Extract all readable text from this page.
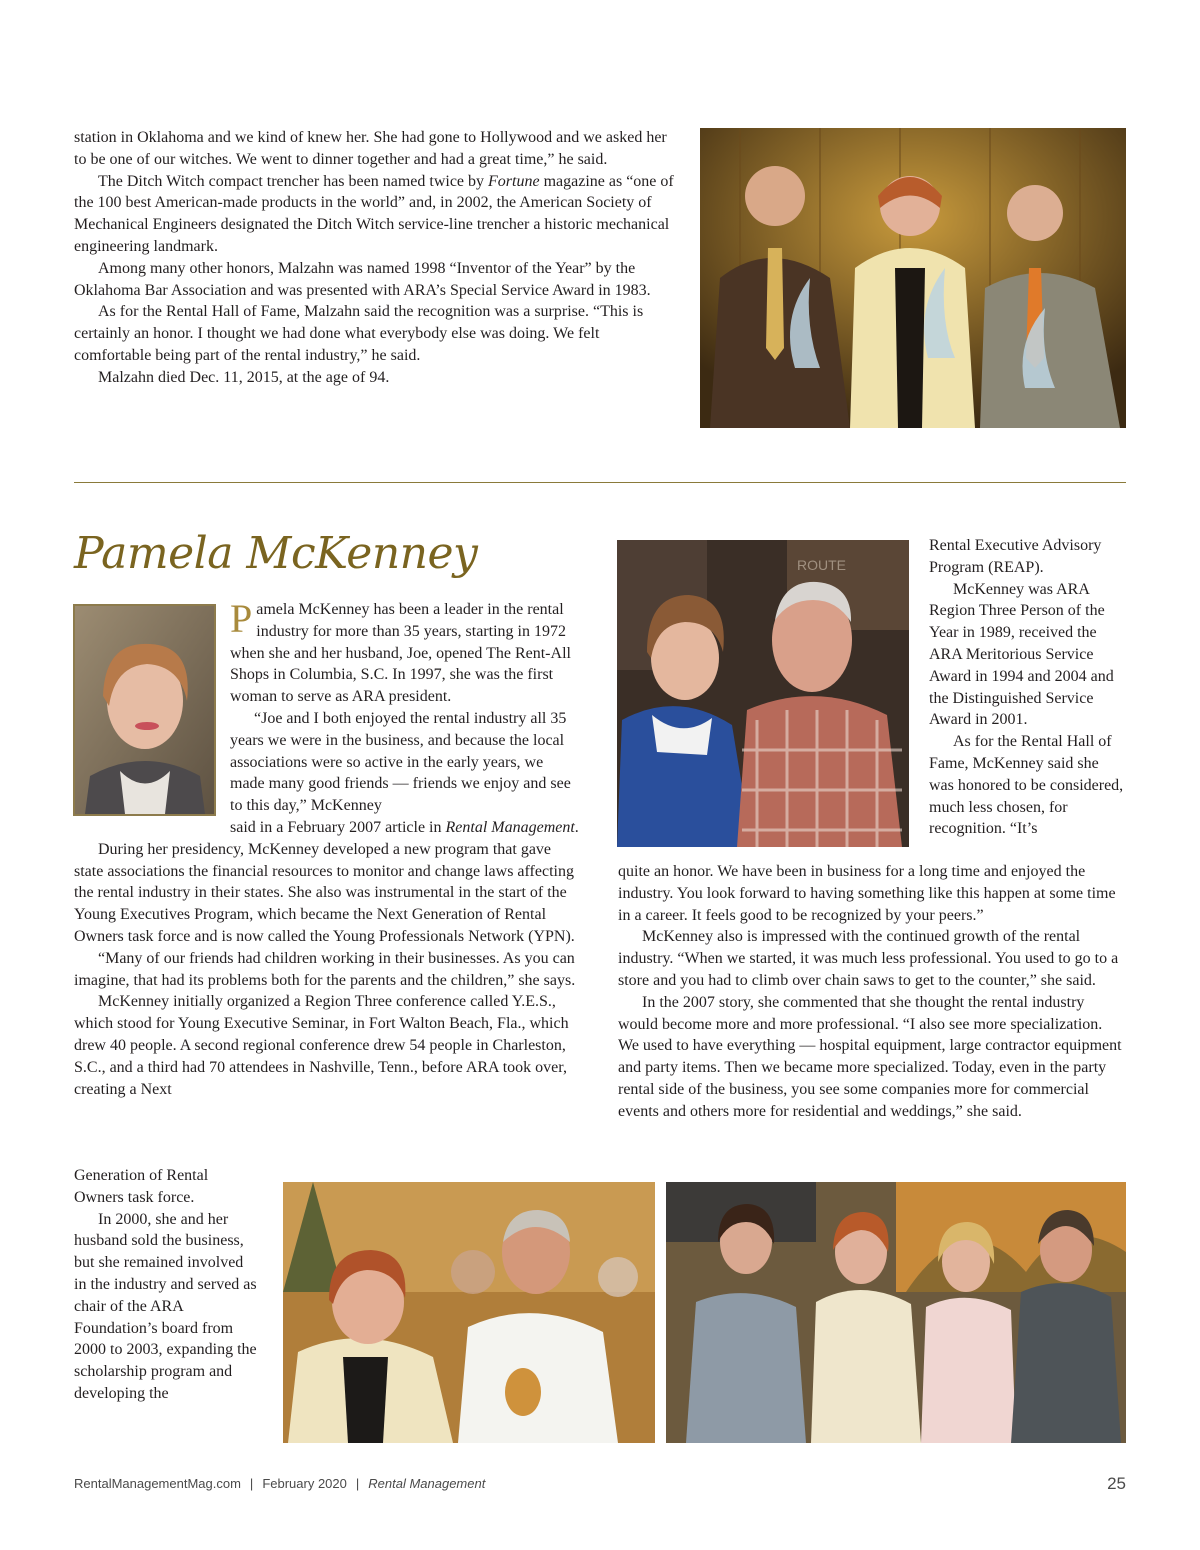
station in Oklahoma and we kind of knew her. She had gone to Hollywood and we asked her to be one of our witches. We went to dinner together and had a great time,” he said.

The Ditch Witch compact trencher has been named twice by Fortune magazine as “one of the 100 best American-made products in the world” and, in 2002, the American Society of Mechanical Engineers designated the Ditch Witch service-line trencher a historic mechanical engineering landmark.

Among many other honors, Malzahn was named 1998 “Inventor of the Year” by the Oklahoma Bar Association and was presented with ARA’s Special Service Award in 1983.

As for the Rental Hall of Fame, Malzahn said the recognition was a surprise. “This is certainly an honor. I thought we had done what everybody else was doing. We felt comfortable being part of the rental industry,” he said.

Malzahn died Dec. 11, 2015, at the age of 94.

Pamela McKenney

Pamela McKenney has been a leader in the rental industry for more than 35 years, starting in 1972 when she and her husband, Joe, opened The Rent-All Shops in Columbia, S.C. In 1997, she was the first woman to serve as ARA president.

“Joe and I both enjoyed the rental industry all 35 years we were in the business, and because the local associations were so active in the early years, we made many good friends — friends we enjoy and see to this day,” McKenney

said in a February 2007 article in Rental Management.

During her presidency, McKenney developed a new program that gave state associations the financial resources to monitor and change laws affecting the rental industry in their states. She also was instrumental in the start of the Young Executives Program, which became the Next Generation of Rental Owners task force and is now called the Young Professionals Network (YPN).

“Many of our friends had children working in their businesses. As you can imagine, that had its problems both for the parents and the children,” she says.

McKenney initially organized a Region Three conference called Y.E.S., which stood for Young Executive Seminar, in Fort Walton Beach, Fla., which drew 40 people. A second regional conference drew 54 people in Charleston, S.C., and a third had 70 attendees in Nashville, Tenn., before ARA took over, creating a Next

Generation of Rental Owners task force.

In 2000, she and her husband sold the business, but she remained involved in the industry and served as chair of the ARA Foundation’s board from 2000 to 2003, expanding the scholarship program and developing the

ROUTE

Rental Executive Advisory Program (REAP).

McKenney was ARA Region Three Person of the Year in 1989, received the ARA Meritorious Service Award in 1994 and 2004 and the Distinguished Service Award in 2001.

As for the Rental Hall of Fame, McKenney said she was honored to be considered, much less chosen, for recognition. “It’s

quite an honor. We have been in business for a long time and enjoyed the industry. You look forward to having something like this happen at some time in a career. It feels good to be recognized by your peers.”

McKenney also is impressed with the continued growth of the rental industry. “When we started, it was much less professional. You used to go to a store and you had to climb over chain saws to get to the counter,” she said.

In the 2007 story, she commented that she thought the rental industry would become more and more professional. “I also see more specialization. We used to have everything — hospital equipment, large contractor equipment and party items. Then we became more specialized. Today, even in the party rental side of the business, you see some companies more for commercial events and others more for residential and weddings,” she said.

RentalManagementMag.com | February 2020 | Rental Management	25
